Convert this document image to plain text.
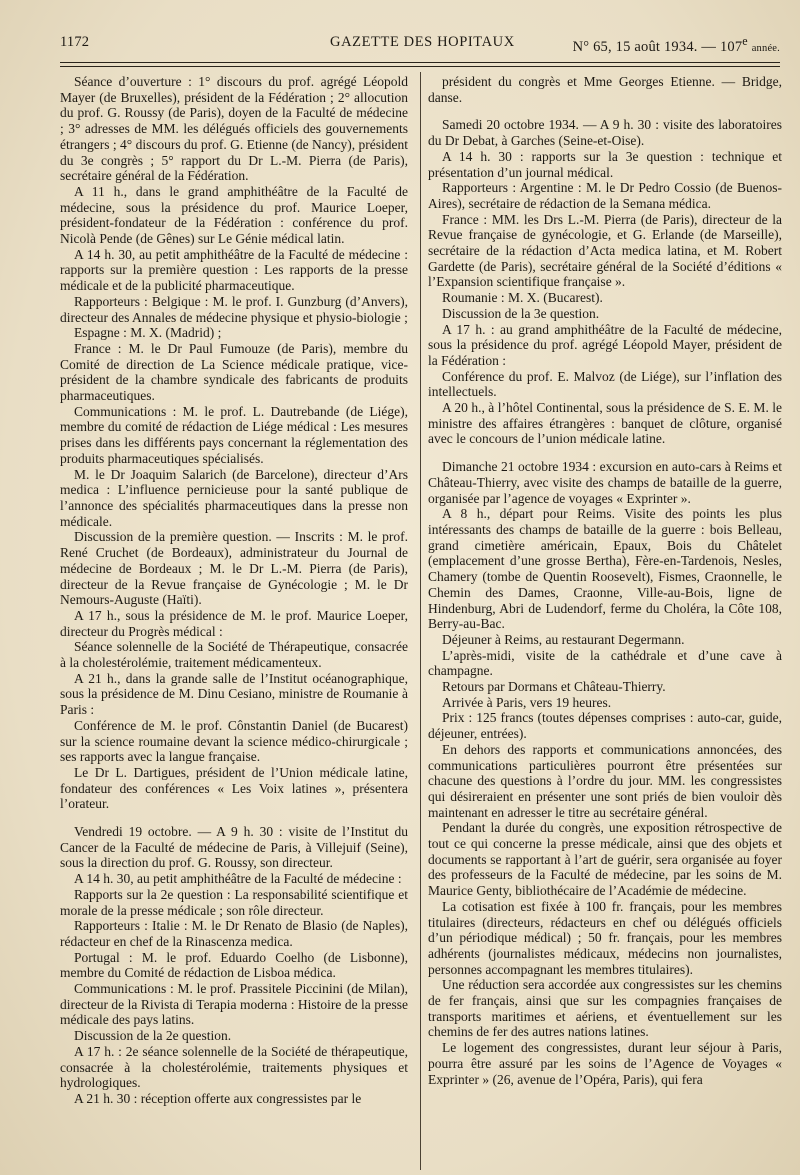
1172	GAZETTE DES HOPITAUX	N° 65, 15 août 1934. — 107e année.

Séance d’ouverture : 1° discours du prof. agrégé Léopold Mayer (de Bruxelles), président de la Fédération ; 2° allocution du prof. G. Roussy (de Paris), doyen de la Faculté de médecine ; 3° adresses de MM. les délégués officiels des gouvernements étrangers ; 4° discours du prof. G. Etienne (de Nancy), président du 3e congrès ; 5° rapport du Dr L.-M. Pierra (de Paris), secrétaire général de la Fédération.

A 11 h., dans le grand amphithéâtre de la Faculté de médecine, sous la présidence du prof. Maurice Loeper, président-fondateur de la Fédération : conférence du prof. Nicolà Pende (de Gênes) sur Le Génie médical latin.

A 14 h. 30, au petit amphithéâtre de la Faculté de médecine : rapports sur la première question : Les rapports de la presse médicale et de la publicité pharmaceutique.

Rapporteurs : Belgique : M. le prof. I. Gunzburg (d’Anvers), directeur des Annales de médecine physique et physio-biologie ;

Espagne : M. X. (Madrid) ;

France : M. le Dr Paul Fumouze (de Paris), membre du Comité de direction de La Science médicale pratique, vice-président de la chambre syndicale des fabricants de produits pharmaceutiques.

Communications : M. le prof. L. Dautrebande (de Liége), membre du comité de rédaction de Liége médical : Les mesures prises dans les différents pays concernant la réglementation des produits pharmaceutiques spécialisés.

M. le Dr Joaquim Salarich (de Barcelone), directeur d’Ars medica : L’influence pernicieuse pour la santé publique de l’annonce des spécialités pharmaceutiques dans la presse non médicale.

Discussion de la première question. — Inscrits : M. le prof. René Cruchet (de Bordeaux), administrateur du Journal de médecine de Bordeaux ; M. le Dr L.-M. Pierra (de Paris), directeur de la Revue française de Gynécologie ; M. le Dr Nemours-Auguste (Haïti).

A 17 h., sous la présidence de M. le prof. Maurice Loeper, directeur du Progrès médical :

Séance solennelle de la Société de Thérapeutique, consacrée à la cholestérolémie, traitement médicamenteux.

A 21 h., dans la grande salle de l’Institut océanographique, sous la présidence de M. Dinu Cesiano, ministre de Roumanie à Paris :

Conférence de M. le prof. Cônstantin Daniel (de Bucarest) sur la science roumaine devant la science médico-chirurgicale ; ses rapports avec la langue française.

Le Dr L. Dartigues, président de l’Union médicale latine, fondateur des conférences « Les Voix latines », présentera l’orateur.

Vendredi 19 octobre. — A 9 h. 30 : visite de l’Institut du Cancer de la Faculté de médecine de Paris, à Villejuif (Seine), sous la direction du prof. G. Roussy, son directeur.

A 14 h. 30, au petit amphithéâtre de la Faculté de médecine :

Rapports sur la 2e question : La responsabilité scientifique et morale de la presse médicale ; son rôle directeur.

Rapporteurs : Italie : M. le Dr Renato de Blasio (de Naples), rédacteur en chef de la Rinascenza medica.

Portugal : M. le prof. Eduardo Coelho (de Lisbonne), membre du Comité de rédaction de Lisboa médica.

Communications : M. le prof. Prassitele Piccinini (de Milan), directeur de la Rivista di Terapia moderna : Histoire de la presse médicale des pays latins.

Discussion de la 2e question.

A 17 h. : 2e séance solennelle de la Société de thérapeutique, consacrée à la cholestérolémie, traitements physiques et hydrologiques.

A 21 h. 30 : réception offerte aux congressistes par le

président du congrès et Mme Georges Etienne. — Bridge, danse.

Samedi 20 octobre 1934. — A 9 h. 30 : visite des laboratoires du Dr Debat, à Garches (Seine-et-Oise).

A 14 h. 30 : rapports sur la 3e question : technique et présentation d’un journal médical.

Rapporteurs : Argentine : M. le Dr Pedro Cossio (de Buenos-Aires), secrétaire de rédaction de la Semana médica.

France : MM. les Drs L.-M. Pierra (de Paris), directeur de la Revue française de gynécologie, et G. Erlande (de Marseille), secrétaire de la rédaction d’Acta medica latina, et M. Robert Gardette (de Paris), secrétaire général de la Société d’éditions « l’Expansion scientifique française ».

Roumanie : M. X. (Bucarest).

Discussion de la 3e question.

A 17 h. : au grand amphithéâtre de la Faculté de médecine, sous la présidence du prof. agrégé Léopold Mayer, président de la Fédération :

Conférence du prof. E. Malvoz (de Liége), sur l’inflation des intellectuels.

A 20 h., à l’hôtel Continental, sous la présidence de S. E. M. le ministre des affaires étrangères : banquet de clôture, organisé avec le concours de l’union médicale latine.

Dimanche 21 octobre 1934 : excursion en auto-cars à Reims et Château-Thierry, avec visite des champs de bataille de la guerre, organisée par l’agence de voyages « Exprinter ».

A 8 h., départ pour Reims. Visite des points les plus intéressants des champs de bataille de la guerre : bois Belleau, grand cimetière américain, Epaux, Bois du Châtelet (emplacement d’une grosse Bertha), Fère-en-Tardenois, Nesles, Chamery (tombe de Quentin Roosevelt), Fismes, Craonnelle, le Chemin des Dames, Craonne, Ville-au-Bois, ligne de Hindenburg, Abri de Ludendorf, ferme du Choléra, la Côte 108, Berry-au-Bac.

Déjeuner à Reims, au restaurant Degermann.

L’après-midi, visite de la cathédrale et d’une cave à champagne.

Retours par Dormans et Château-Thierry.

Arrivée à Paris, vers 19 heures.

Prix : 125 francs (toutes dépenses comprises : auto-car, guide, déjeuner, entrées).

En dehors des rapports et communications annoncées, des communications particulières pourront être présentées sur chacune des questions à l’ordre du jour. MM. les congressistes qui désireraient en présenter une sont priés de bien vouloir dès maintenant en adresser le titre au secrétaire général.

Pendant la durée du congrès, une exposition rétrospective de tout ce qui concerne la presse médicale, ainsi que des objets et documents se rapportant à l’art de guérir, sera organisée au foyer des professeurs de la Faculté de médecine, par les soins de M. Maurice Genty, bibliothécaire de l’Académie de médecine.

La cotisation est fixée à 100 fr. français, pour les membres titulaires (directeurs, rédacteurs en chef ou délégués officiels d’un périodique médical) ; 50 fr. français, pour les membres adhérents (journalistes médicaux, médecins non journalistes, personnes accompagnant les membres titulaires).

Une réduction sera accordée aux congressistes sur les chemins de fer français, ainsi que sur les compagnies françaises de transports maritimes et aériens, et éventuellement sur les chemins de fer des autres nations latines.

Le logement des congressistes, durant leur séjour à Paris, pourra être assuré par les soins de l’Agence de Voyages « Exprinter » (26, avenue de l’Opéra, Paris), qui fera
